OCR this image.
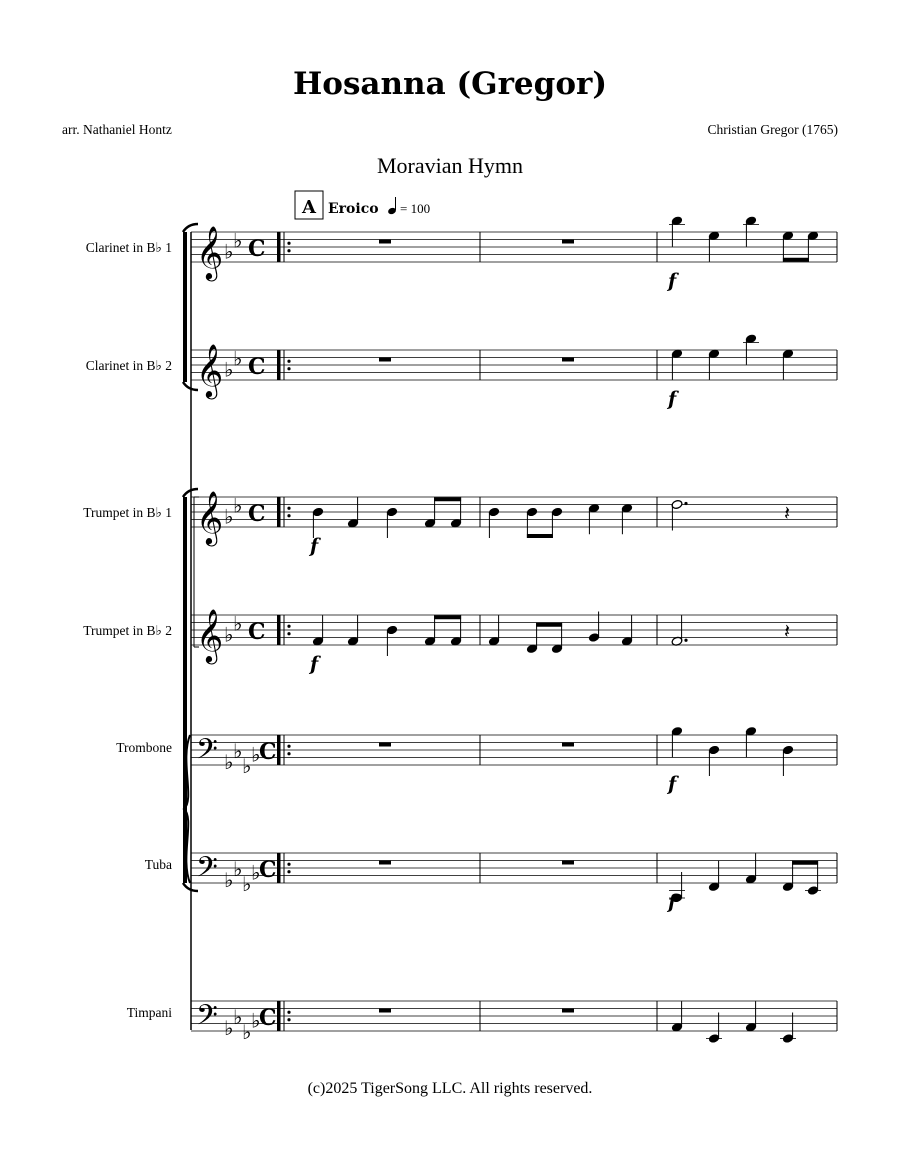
Hosanna (Gregor)
arr. Nathaniel Hontz	Christian Gregor (1765)
Moravian Hymn
A Eroico = 100
Clarinet in B♭ 1
Clarinet in B♭ 2
Trumpet in B♭ 1
Trumpet in B♭ 2
Trombone
Tuba
Timpani
𝄞 ♭ ♭ C
𝄞 ♭ ♭ C
𝄞 ♭ ♭ C
𝄞 ♭ ♭ C
𝄢 ♭ ♭
♭ ♭
C
𝄢 ♭ ♭
♭ ♭
C
𝄢 ♭ ♭
♭ ♭
C
f
f
𝄽
f
𝄽
f
f
f
(c)2025 TigerSong LLC. All rights reserved.
